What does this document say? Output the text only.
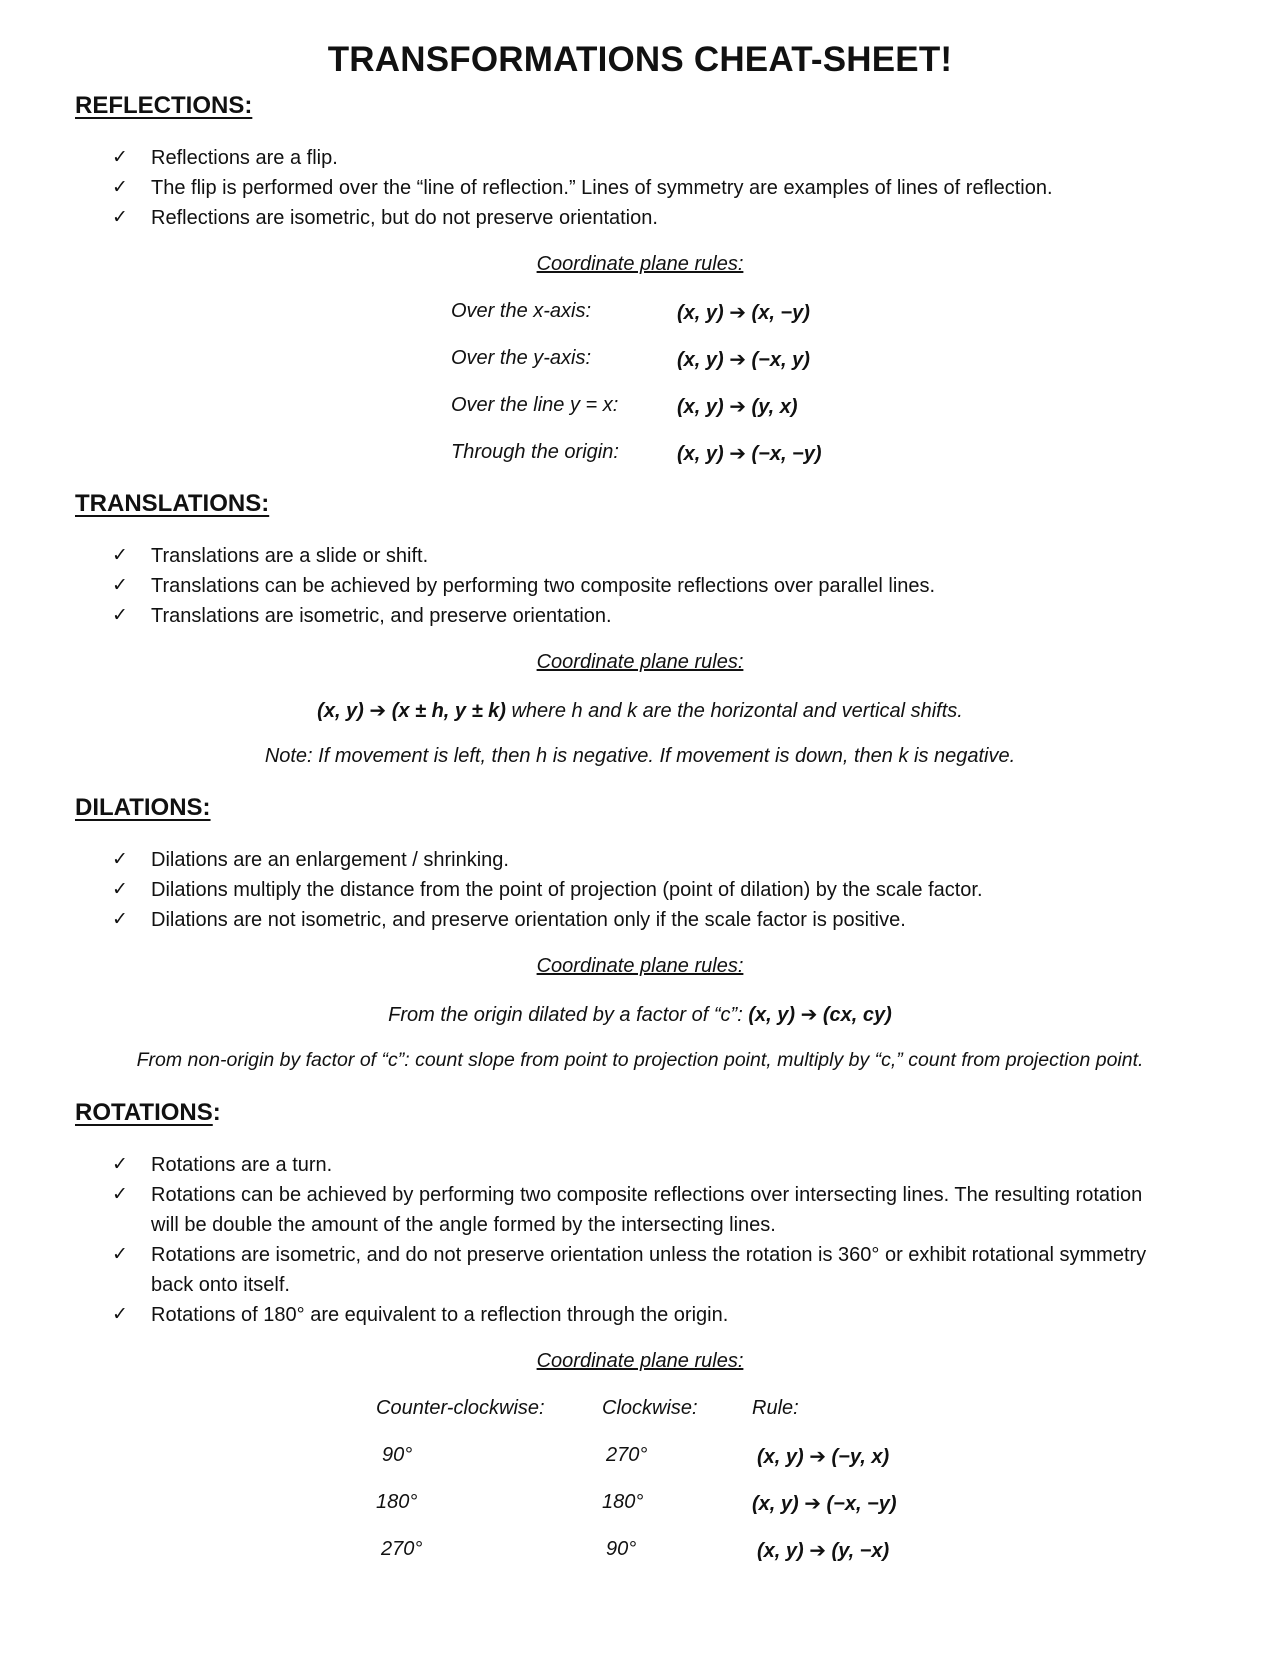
TRANSFORMATIONS CHEAT-SHEET!
REFLECTIONS:
✓ Reflections are a flip.
✓ The flip is performed over the “line of reflection.” Lines of symmetry are examples of lines of reflection.
✓ Reflections are isometric, but do not preserve orientation.
Coordinate plane rules:
Over the x-axis:	(x, y) ➔ (x, −y)
Over the y-axis:	(x, y) ➔ (−x, y)
Over the line y = x:	(x, y) ➔ (y, x)
Through the origin:	(x, y) ➔ (−x, −y)
TRANSLATIONS:
✓ Translations are a slide or shift.
✓ Translations can be achieved by performing two composite reflections over parallel lines.
✓ Translations are isometric, and preserve orientation.
Coordinate plane rules:
(x, y) ➔ (x ± h, y ± k) where h and k are the horizontal and vertical shifts.
Note: If movement is left, then h is negative. If movement is down, then k is negative.
DILATIONS:
✓ Dilations are an enlargement / shrinking.
✓ Dilations multiply the distance from the point of projection (point of dilation) by the scale factor.
✓ Dilations are not isometric, and preserve orientation only if the scale factor is positive.
Coordinate plane rules:
From the origin dilated by a factor of “c”: (x, y) ➔ (cx, cy)
From non-origin by factor of “c”: count slope from point to projection point, multiply by “c,” count from projection point.
ROTATIONS:
✓ Rotations are a turn.
✓ Rotations can be achieved by performing two composite reflections over intersecting lines. The resulting rotation will be double the amount of the angle formed by the intersecting lines.
✓ Rotations are isometric, and do not preserve orientation unless the rotation is 360° or exhibit rotational symmetry back onto itself.
✓ Rotations of 180° are equivalent to a reflection through the origin.
Coordinate plane rules:
Counter-clockwise:	Clockwise:	Rule:
90°	270°	(x, y) ➔ (−y, x)
180°	180°	(x, y) ➔ (−x, −y)
270°	90°	(x, y) ➔ (y, −x)
